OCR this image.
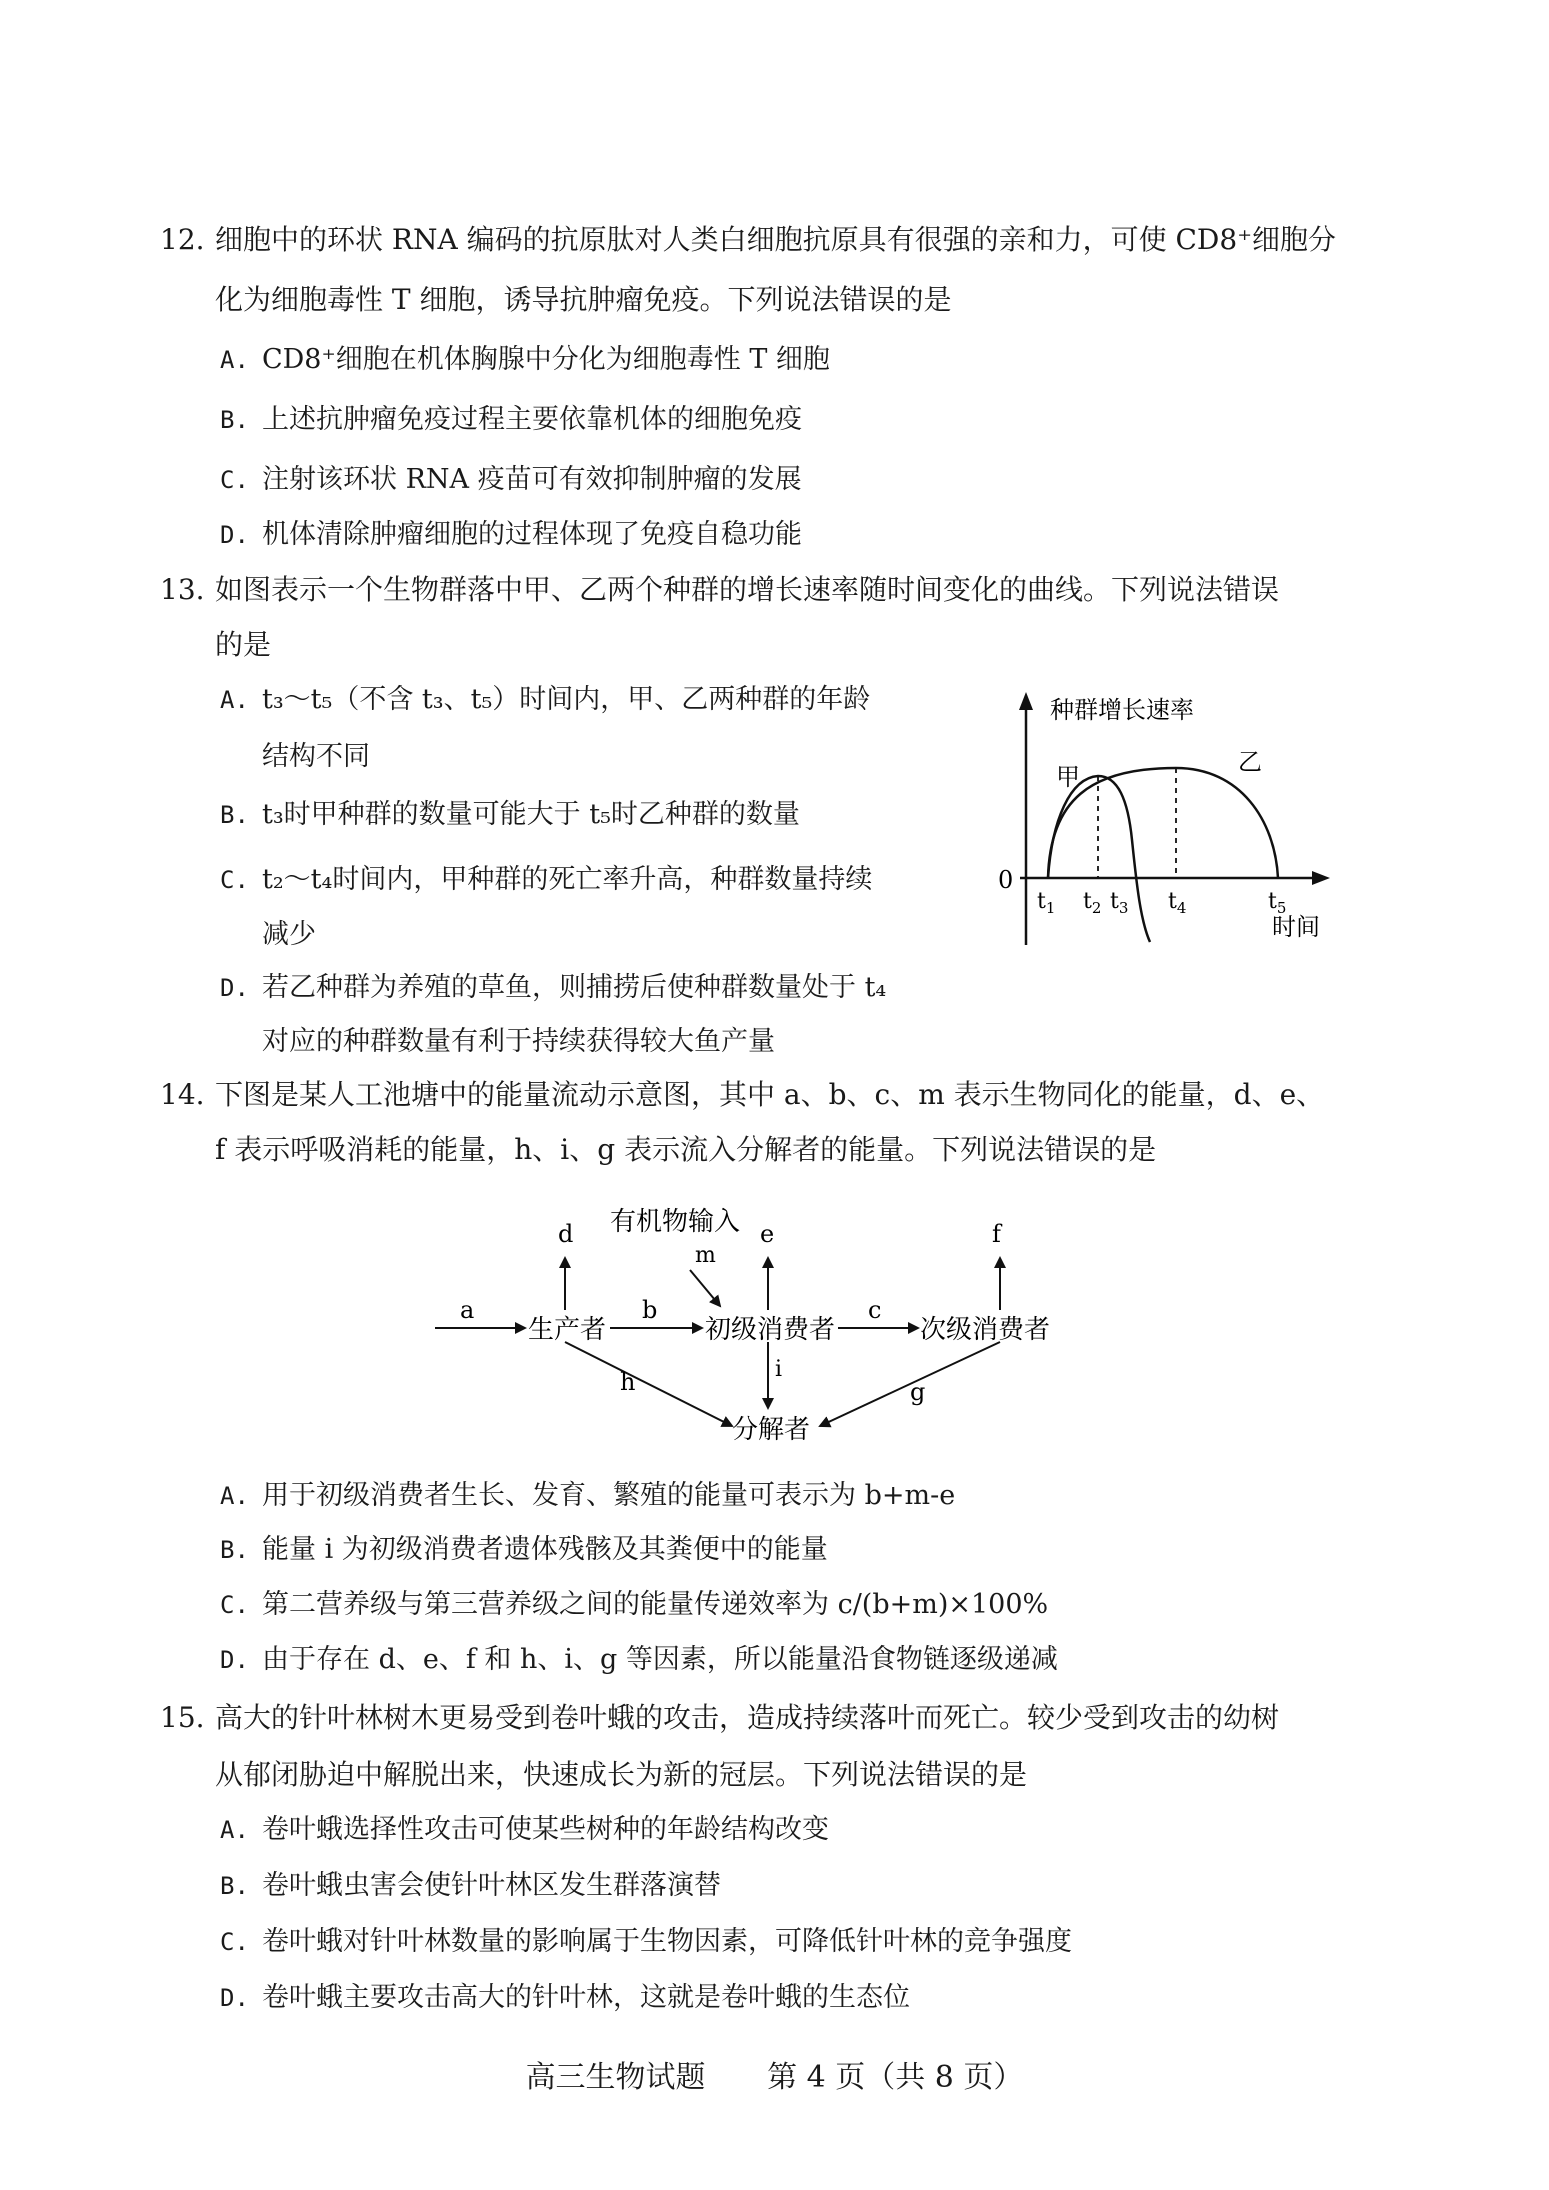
12. 细胞中的环状 RNA 编码的抗原肽对人类白细胞抗原具有很强的亲和力，可使 CD8⁺细胞分
化为细胞毒性 T 细胞，诱导抗肿瘤免疫。下列说法错误的是
A. CD8⁺细胞在机体胸腺中分化为细胞毒性 T 细胞
B. 上述抗肿瘤免疫过程主要依靠机体的细胞免疫
C. 注射该环状 RNA 疫苗可有效抑制肿瘤的发展
D. 机体清除肿瘤细胞的过程体现了免疫自稳功能
13. 如图表示一个生物群落中甲、乙两个种群的增长速率随时间变化的曲线。下列说法错误
的是
A. t₃～t₅（不含 t₃、t₅）时间内，甲、乙两种群的年龄
结构不同
B. t₃时甲种群的数量可能大于 t₅时乙种群的数量
C. t₂～t₄时间内，甲种群的死亡率升高，种群数量持续
减少
D. 若乙种群为养殖的草鱼，则捕捞后使种群数量处于 t₄
对应的种群数量有利于持续获得较大鱼产量
种群增长速率
0
时间
甲
乙
$t_1$ $t_2$ $t_3$ $t_4$	$t_5$
14. 下图是某人工池塘中的能量流动示意图，其中 a、b、c、m 表示生物同化的能量，d、e、
f 表示呼吸消耗的能量，h、i、g 表示流入分解者的能量。下列说法错误的是
a
生产者
d
b
初级消费者
有机物输入
m
e
c
次级消费者
f
h	i
g
分解者
A. 用于初级消费者生长、发育、繁殖的能量可表示为 b+m-e
B. 能量 i 为初级消费者遗体残骸及其粪便中的能量
C. 第二营养级与第三营养级之间的能量传递效率为 c/(b+m)×100%
D. 由于存在 d、e、f 和 h、i、g 等因素，所以能量沿食物链逐级递减
15. 高大的针叶林树木更易受到卷叶蛾的攻击，造成持续落叶而死亡。较少受到攻击的幼树
从郁闭胁迫中解脱出来，快速成长为新的冠层。下列说法错误的是
A. 卷叶蛾选择性攻击可使某些树种的年龄结构改变
B. 卷叶蛾虫害会使针叶林区发生群落演替
C. 卷叶蛾对针叶林数量的影响属于生物因素，可降低针叶林的竞争强度
D. 卷叶蛾主要攻击高大的针叶林，这就是卷叶蛾的生态位
高三生物试题 第 4 页（共 8 页）
